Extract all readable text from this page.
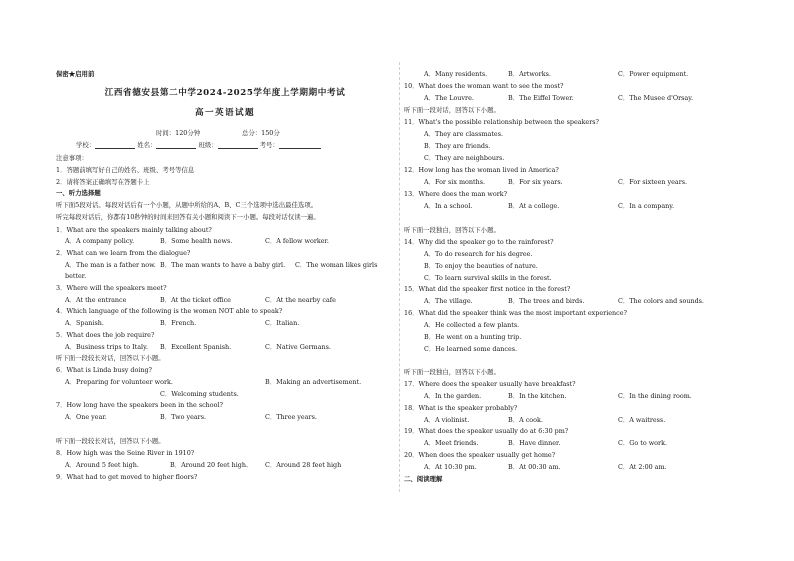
保密★启用前
江西省德安县第二中学2024-2025学年度上学期期中考试
高一英语试题
时间：120分钟	总分：150分
学校：	姓名：	班级：	考号：
注意事项：
1．答题前填写好自己的姓名、班级、考号等信息
2．请将答案正确填写在答题卡上
一、听力选择题
听下面5段对话。每段对话后有一个小题，从题中所给的A、B、C三个选项中选出最佳选项。
听完每段对话后，你都有10秒钟的时间来回答有关小题和阅读下一小题。每段对话仅读一遍。
1．What are the speakers mainly talking about?
A．A company policy.	B．Some health news.	C．A fellow worker.
2．What can we learn from the dialogue?
A．The man is a father now. B．The man wants to have a baby girl. C．The woman likes girls
better.
3．Where will the speakers meet?
A．At the entrance	B．At the ticket office	C．At the nearby cafe
4．Which language of the following is the women NOT able to speak?
A．Spanish.	B．French.	C．Italian.
5．What does the job require?
A．Business trips to Italy. B．Excellent Spanish.	C．Native Germans.
听下面一段较长对话，回答以下小题。
6．What is Linda busy doing?
A．Preparing for volunteer work.	B．Making an advertisement.
C．Welcoming students.
7．How long have the speakers been in the school?
A．One year.	B．Two years.	C．Three years.
听下面一段较长对话，回答以下小题。
8．How high was the Seine River in 1910?
A．Around 5 feet high.	B．Around 20 feet high.	C．Around 28 feet high
9．What had to get moved to higher floors?
A．Many residents.	B．Artworks.	C．Power equipment.
10．What does the woman want to see the most?
A．The Louvre.	B．The Eiffel Tower.	C．The Musee d'Orsay.
听下面一段对话，回答以下小题。
11．What's the possible relationship between the speakers?
A．They are classmates.
B．They are friends.
C．They are neighbours.
12．How long has the woman lived in America?
A．For six months.	B．For six years.	C．For sixteen years.
13．Where does the man work?
A．In a school.	B．At a college.	C．In a company.
听下面一段独白，回答以下小题。
14．Why did the speaker go to the rainforest?
A．To do research for his degree.
B．To enjoy the beauties of nature.
C．To learn survival skills in the forest.
15．What did the speaker first notice in the forest?
A．The village.	B．The trees and birds.	C．The colors and sounds.
16．What did the speaker think was the most important experience?
A．He collected a few plants.
B．He went on a hunting trip.
C．He learned some dances.
听下面一段独白，回答以下小题。
17．Where does the speaker usually have breakfast?
A．In the garden.	B．In the kitchen.	C．In the dining room.
18．What is the speaker probably?
A．A violinist.	B．A cook.	C．A waitress.
19．What does the speaker usually do at 6:30 pm?
A．Meet friends.	B．Have dinner.	C．Go to work.
20．When does the speaker usually get home?
A．At 10:30 pm.	B．At 00:30 am.	C．At 2:00 am.
二、阅读理解
